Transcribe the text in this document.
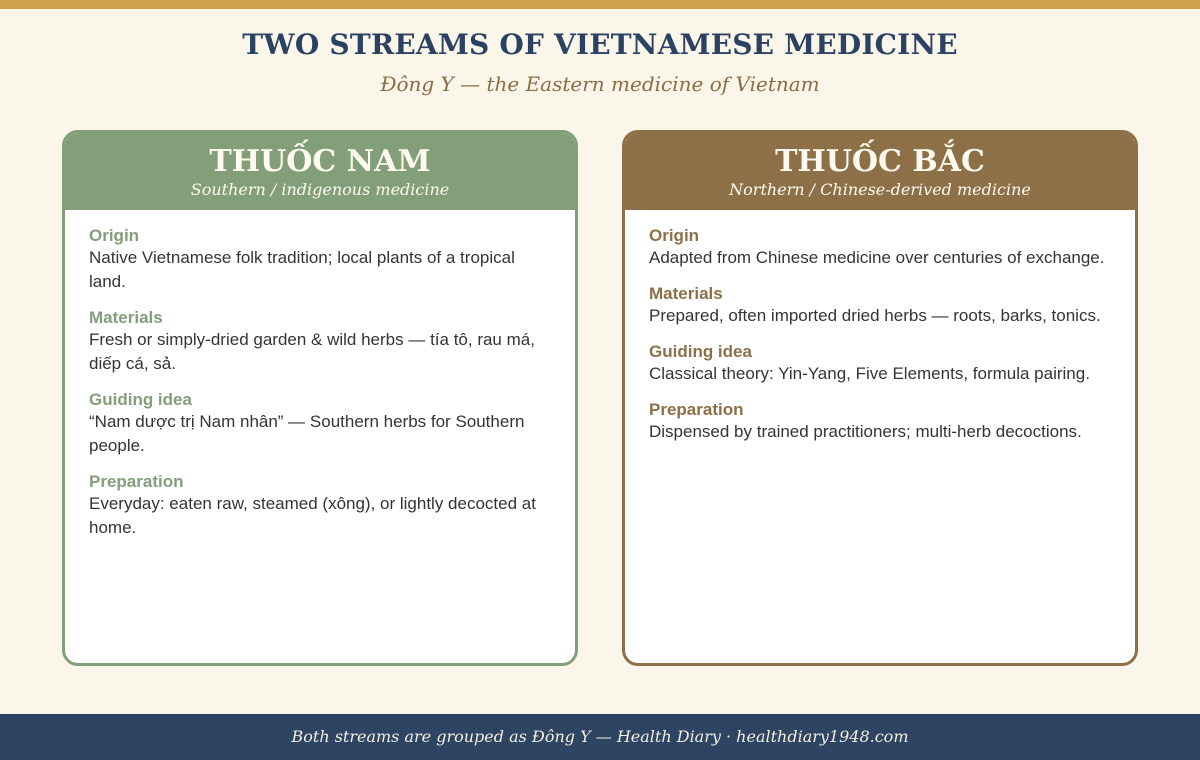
TWO STREAMS OF VIETNAMESE MEDICINE
Đông Y — the Eastern medicine of Vietnam
THUỐC NAM
Southern / indigenous medicine
Origin
Native Vietnamese folk tradition; local plants of a tropical land.
Materials
Fresh or simply-dried garden & wild herbs — tía tô, rau má, diếp cá, sả.
Guiding idea
“Nam dược trị Nam nhân” — Southern herbs for Southern people.
Preparation
Everyday: eaten raw, steamed (xông), or lightly decocted at home.
THUỐC BẮC
Northern / Chinese-derived medicine
Origin
Adapted from Chinese medicine over centuries of exchange.
Materials
Prepared, often imported dried herbs — roots, barks, tonics.
Guiding idea
Classical theory: Yin-Yang, Five Elements, formula pairing.
Preparation
Dispensed by trained practitioners; multi-herb decoctions.
Both streams are grouped as Đông Y — Health Diary · healthdiary1948.com
